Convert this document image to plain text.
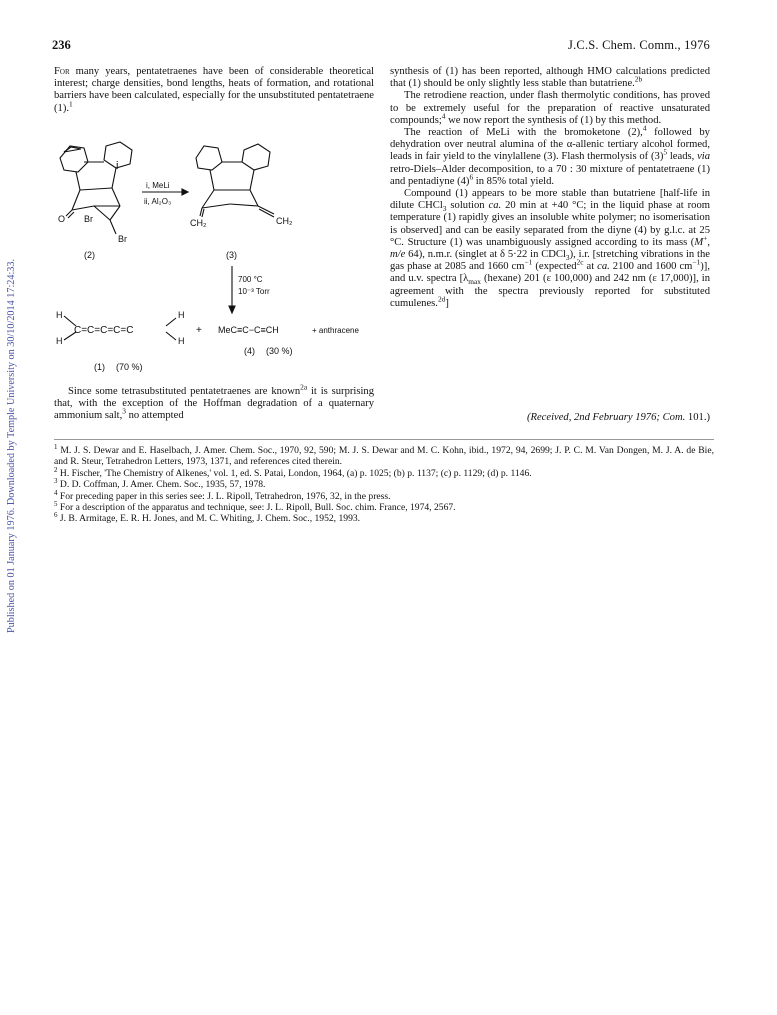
Published on 01 January 1976. Downloaded by Temple University on 30/10/2014 17:24:33.
236	J.C.S. Chem. Comm., 1976

For many years, pentatetraenes have been of considerable theoretical interest; charge densities, bond lengths, heats of formation, and rotational barriers have been calculated, especially for the unsubstituted pentatetraene (1).$^1$

O Br
Br
i
i, MeLi
ii, Al₂O₃
CH₂	CH₂
(2)	(3)
700 °C
10⁻³ Torr
H
H
H
H
C=C=C=C=C	+ MeC≡C−C≡CH	+ anthracene
(1) (70 %)
(4) (30 %)

Since some tetrasubstituted pentatetraenes are known$^{2a}$ it is surprising that, with the exception of the Hoffman degradation of a quaternary ammonium salt,$^3$ no attempted

synthesis of (1) has been reported, although HMO calculations predicted that (1) should be only slightly less stable than butatriene.$^{2b}$

The retrodiene reaction, under flash thermolytic conditions, has proved to be extremely useful for the preparation of reactive unsaturated compounds;$^4$ we now report the synthesis of (1) by this method.

The reaction of MeLi with the bromoketone (2),$^4$ followed by dehydration over neutral alumina of the α-allenic tertiary alcohol formed, leads in fair yield to the vinylallene (3). Flash thermolysis of $(3)^5$ leads, via retro-Diels–Alder decomposition, to a 70 : 30 mixture of pentatetraene (1) and pentadiyne $(4)^6$ in 85% total yield.

Compound (1) appears to be more stable than butatriene [half-life in dilute CHCl$_3$ solution ca. 20 min at +40 °C; in the liquid phase at room temperature (1) rapidly gives an insoluble white polymer; no isomerisation is observed] and can be easily separated from the diyne (4) by g.l.c. at 25 °C. Structure (1) was unambiguously assigned according to its mass (M+, m/e 64), n.m.r. (singlet at δ 5·22 in CDCl$_3$), i.r. [stretching vibrations in the gas phase at 2085 and 1660 $cm^{-1}$ (expected$^{2c}$ at ca. 2100 and 1600 $cm^{-1}$)], and u.v. spectra [$\lambda_{max}$ (hexane) 201 (ε 100,000) and 242 nm (ε 17,000)], in agreement with the spectra previously reported for substituted cumulenes.$^{2d}$]

(Received, 2nd February 1976; Com. 101.)
$^1$ M. J. S. Dewar and E. Haselbach, J. Amer. Chem. Soc., 1970, 92, 590; M. J. S. Dewar and M. C. Kohn, ibid., 1972, 94, 2699; J. P. C. M. Van Dongen, M. J. A. de Bie, and R. Steur, Tetrahedron Letters, 1973, 1371, and references cited therein.
$^2$ H. Fischer, 'The Chemistry of Alkenes,' vol. 1, ed. S. Patai, London, 1964, (a) p. 1025; (b) p. 1137; (c) p. 1129; (d) p. 1146.
$^3$ D. D. Coffman, J. Amer. Chem. Soc., 1935, 57, 1978.
$^4$ For preceding paper in this series see: J. L. Ripoll, Tetrahedron, 1976, 32, in the press.
$^5$ For a description of the apparatus and technique, see: J. L. Ripoll, Bull. Soc. chim. France, 1974, 2567.
$^6$ J. B. Armitage, E. R. H. Jones, and M. C. Whiting, J. Chem. Soc., 1952, 1993.
